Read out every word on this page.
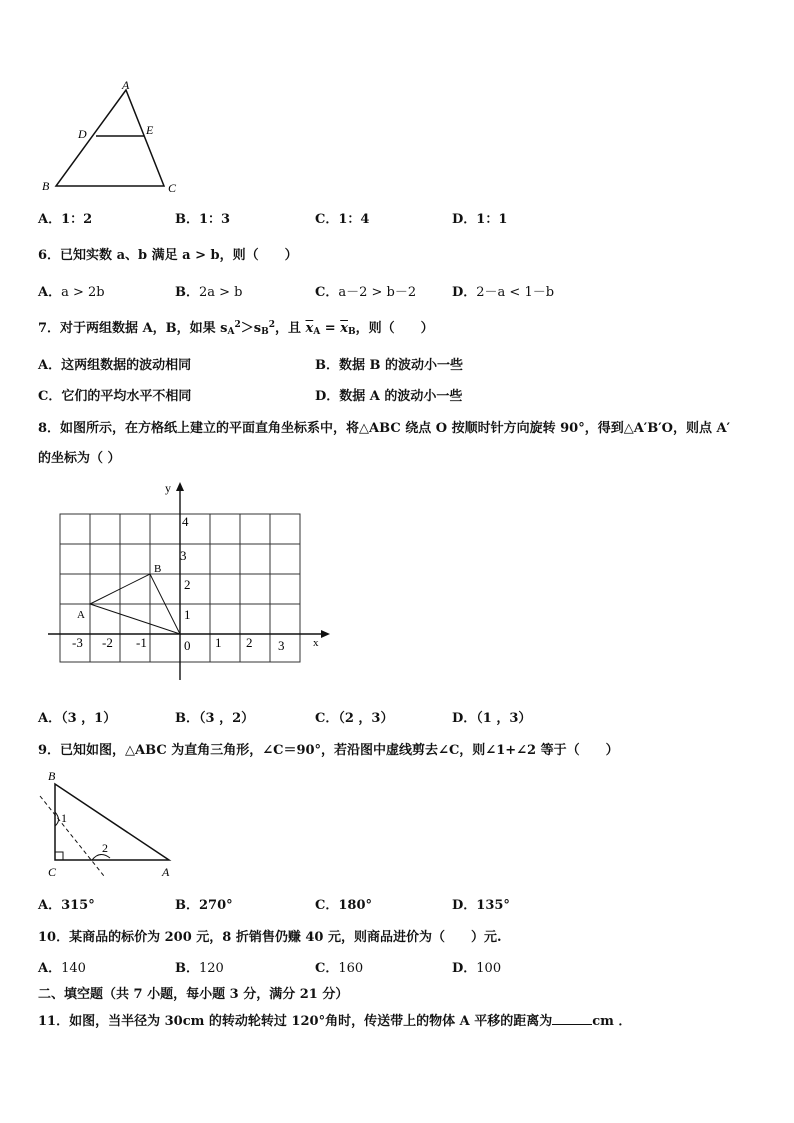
A
D	E
B	C
A．1：2	B．1：3	C．1：4	D．1：1
6．已知实数 a、b 满足 a > b，则（　　）
A．a > 2b	B．2a > b	C．a－2 > b－2	D．2－a < 1－b
7．对于两组数据 A，B，如果 $s_A^2>s_B^2$，且 $\overline{x}_A = \overline{x}_B$，则（　　）
A．这两组数据的波动相同	B．数据 B 的波动小一些
C．它们的平均水平不相同	D．数据 A 的波动小一些
8．如图所示，在方格纸上建立的平面直角坐标系中，将△ABC 绕点 O 按顺时针方向旋转 90°，得到△A′B′O，则点 A′
的坐标为（ ）
y
x
0
A
B
-3 -2 -1	1 2 3
1
2
3
4
A．（3 ，1）	B．（3 ，2）	C．（2 ，3）	D．（1 ，3）
9．已知如图，△ABC 为直角三角形，∠C＝90°，若沿图中虚线剪去∠C，则∠1+∠2 等于（　　）
B
C	A
1
2
A．315°	B．270°	C．180°	D．135°
10．某商品的标价为 200 元，8 折销售仍赚 40 元，则商品进价为（　　）元.
A．140	B．120	C．160	D．100
二、填空题（共 7 小题，每小题 3 分，满分 21 分）
11．如图，当半径为 30cm 的转动轮转过 120°角时，传送带上的物体 A 平移的距离为	cm ．
